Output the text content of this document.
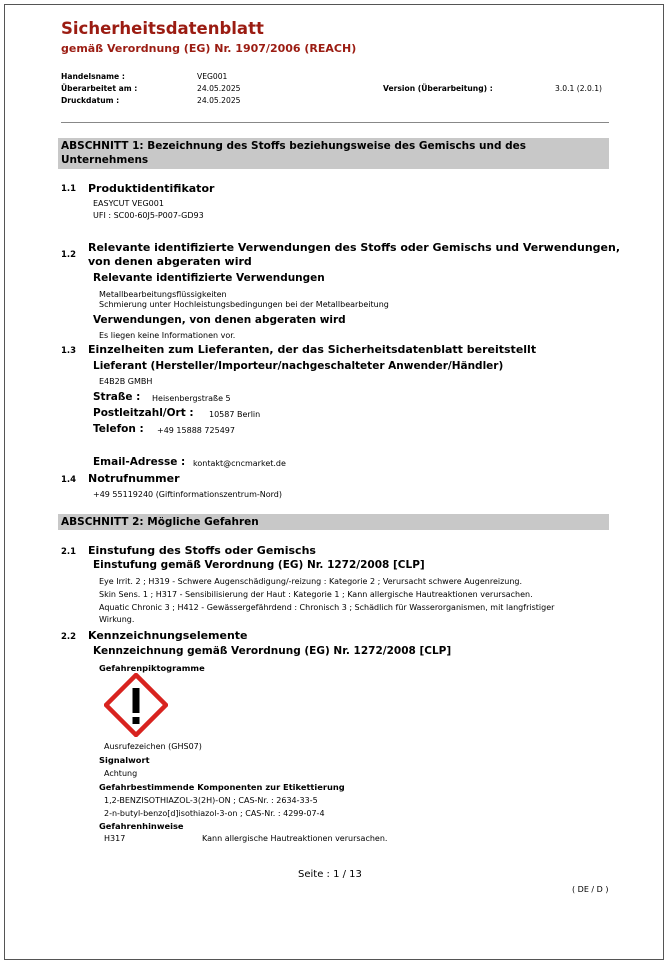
Sicherheitsdatenblatt
gemäß Verordnung (EG) Nr. 1907/2006 (REACH)
Handelsname :	VEG001
Überarbeitet am :	24.05.2025
Druckdatum :	24.05.2025
Version (Überarbeitung) :	3.0.1 (2.0.1)
ABSCHNITT 1: Bezeichnung des Stoffs beziehungsweise des Gemischs und des
Unternehmens
1.1 Produktidentifikator
EASYCUT VEG001
UFI : SC00-60J5-P007-GD93
1.2
Relevante identifizierte Verwendungen des Stoffs oder Gemischs und Verwendungen,
von denen abgeraten wird
Relevante identifizierte Verwendungen
Metallbearbeitungsflüssigkeiten
Schmierung unter Hochleistungsbedingungen bei der Metallbearbeitung
Verwendungen, von denen abgeraten wird
Es liegen keine Informationen vor.
1.3 Einzelheiten zum Lieferanten, der das Sicherheitsdatenblatt bereitstellt
Lieferant (Hersteller/Importeur/nachgeschalteter Anwender/Händler)
E4B2B GMBH
Straße : Heisenbergstraße 5
Postleitzahl/Ort : 10587 Berlin
Telefon : +49 15888 725497
Email-Adresse : kontakt@cncmarket.de
1.4 Notrufnummer
+49 55119240 (Giftinformationszentrum-Nord)
ABSCHNITT 2: Mögliche Gefahren
2.1 Einstufung des Stoffs oder Gemischs
Einstufung gemäß Verordnung (EG) Nr. 1272/2008 [CLP]
Eye Irrit. 2 ; H319 - Schwere Augenschädigung/-reizung : Kategorie 2 ; Verursacht schwere Augenreizung.
Skin Sens. 1 ; H317 - Sensibilisierung der Haut : Kategorie 1 ; Kann allergische Hautreaktionen verursachen.
Aquatic Chronic 3 ; H412 - Gewässergefährdend : Chronisch 3 ; Schädlich für Wasserorganismen, mit langfristiger
Wirkung.
2.2 Kennzeichnungselemente
Kennzeichnung gemäß Verordnung (EG) Nr. 1272/2008 [CLP]
Gefahrenpiktogramme
Ausrufezeichen (GHS07)
Signalwort
Achtung
Gefahrbestimmende Komponenten zur Etikettierung
1,2-BENZISOTHIAZOL-3(2H)-ON ; CAS-Nr. : 2634-33-5
2-n-butyl-benzo[d]isothiazol-3-on ; CAS-Nr. : 4299-07-4
Gefahrenhinweise
H317	Kann allergische Hautreaktionen verursachen.
Seite : 1 / 13
( DE / D )
